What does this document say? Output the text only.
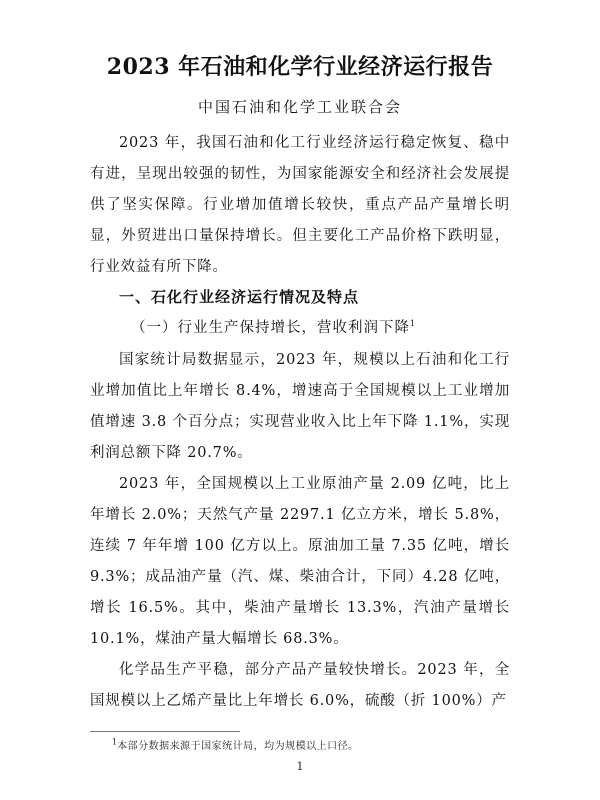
2023 年石油和化学行业经济运行报告
中国石油和化学工业联合会

2023 年，我国石油和化工行业经济运行稳定恢复、稳中有进，呈现出较强的韧性，为国家能源安全和经济社会发展提供了坚实保障。行业增加值增长较快，重点产品产量增长明显，外贸进出口量保持增长。但主要化工产品价格下跌明显，行业效益有所下降。

一、石化行业经济运行情况及特点

（一）行业生产保持增长，营收利润下降$^1$

国家统计局数据显示，2023 年，规模以上石油和化工行业增加值比上年增长 8.4%，增速高于全国规模以上工业增加值增速 3.8 个百分点；实现营业收入比上年下降 1.1%，实现利润总额下降 20.7%。

2023 年，全国规模以上工业原油产量 2.09 亿吨，比上年增长 2.0%；天然气产量 2297.1 亿立方米，增长 5.8%，连续 7 年年增 100 亿方以上。原油加工量 7.35 亿吨，增长 9.3%；成品油产量（汽、煤、柴油合计，下同）4.28 亿吨，增长 16.5%。其中，柴油产量增长 13.3%，汽油产量增长 10.1%，煤油产量大幅增长 68.3%。

化学品生产平稳，部分产品产量较快增长。2023 年，全国规模以上乙烯产量比上年增长 6.0%，硫酸（折 100%）产

$^1$本部分数据来源于国家统计局，均为规模以上口径。

1
